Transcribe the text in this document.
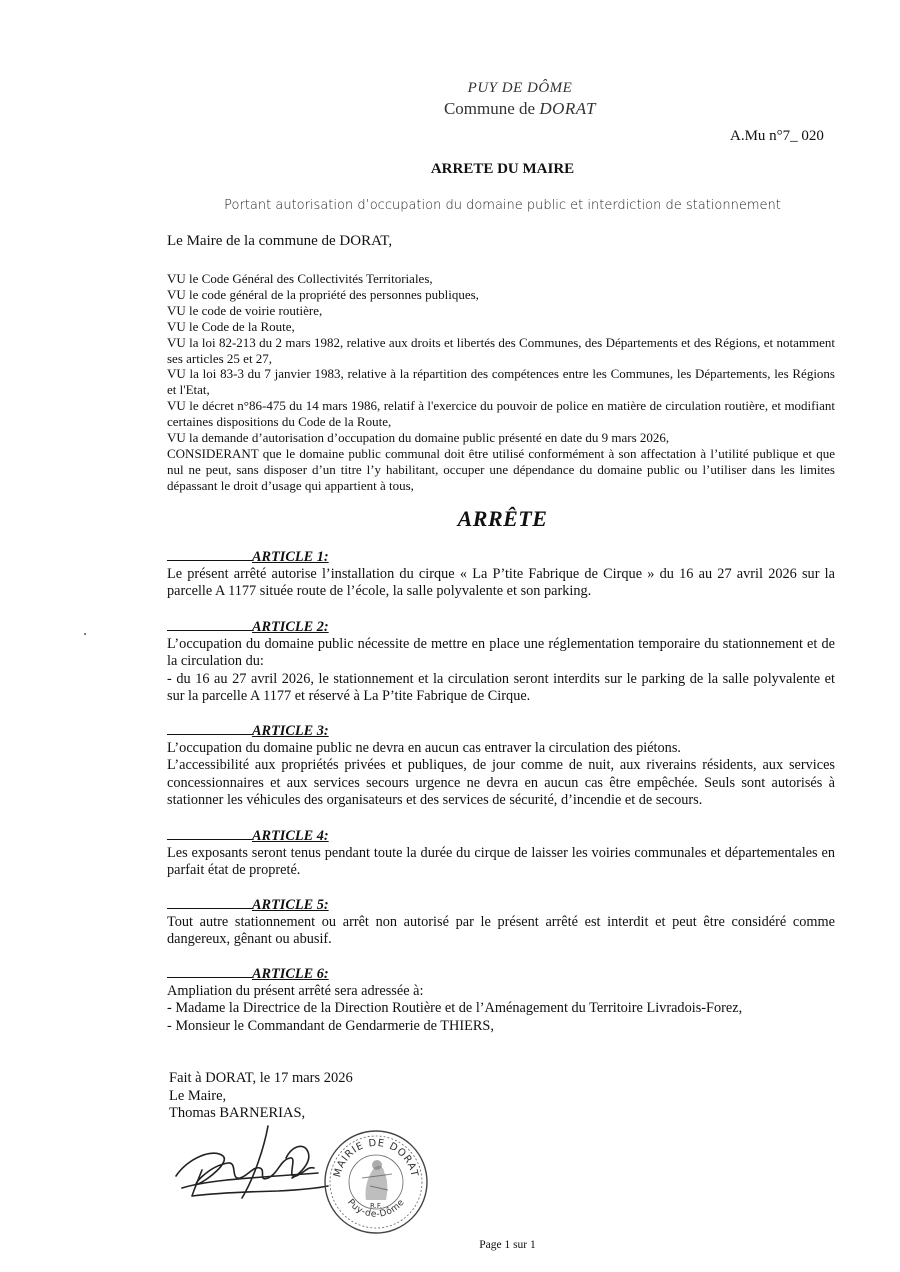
PUY DE DÔME
Commune de DORAT
A.Mu n°7_ 020
ARRETE DU MAIRE
Portant autorisation d’occupation du domaine public et interdiction de stationnement
Le Maire de la commune de DORAT,

VU le Code Général des Collectivités Territoriales,

VU le code général de la propriété des personnes publiques,

VU le code de voirie routière,

VU le Code de la Route,

VU la loi 82-213 du 2 mars 1982, relative aux droits et libertés des Communes, des Départements et des Régions, et notamment ses articles 25 et 27,

VU la loi 83-3 du 7 janvier 1983, relative à la répartition des compétences entre les Communes, les Départements, les Régions et l'Etat,

VU le décret n°86-475 du 14 mars 1986, relatif à l'exercice du pouvoir de police en matière de circulation routière, et modifiant certaines dispositions du Code de la Route,

VU la demande d’autorisation d’occupation du domaine public présenté en date du 9 mars 2026,

CONSIDERANT que le domaine public communal doit être utilisé conformément à son affectation à l’utilité publique et que nul ne peut, sans disposer d’un titre l’y habilitant, occuper une dépendance du domaine public ou l’utiliser dans les limites dépassant le droit d’usage qui appartient à tous,

ARRÊTE
ARTICLE 1:

Le présent arrêté autorise l’installation du cirque « La P’tite Fabrique de Cirque » du 16 au 27 avril 2026 sur la parcelle A 1177 située route de l’école, la salle polyvalente et son parking.

ARTICLE 2:

L’occupation du domaine public nécessite de mettre en place une réglementation temporaire du stationnement et de la circulation du:

- du 16 au 27 avril 2026, le stationnement et la circulation seront interdits sur le parking de la salle polyvalente et sur la parcelle A 1177 et réservé à La P’tite Fabrique de Cirque.

ARTICLE 3:

L’occupation du domaine public ne devra en aucun cas entraver la circulation des piétons.

L’accessibilité aux propriétés privées et publiques, de jour comme de nuit, aux riverains résidents, aux services concessionnaires et aux services secours urgence ne devra en aucun cas être empêchée. Seuls sont autorisés à stationner les véhicules des organisateurs et des services de sécurité, d’incendie et de secours.

ARTICLE 4:

Les exposants seront tenus pendant toute la durée du cirque de laisser les voiries communales et départementales en parfait état de propreté.

ARTICLE 5:

Tout autre stationnement ou arrêt non autorisé par le présent arrêté est interdit et peut être considéré comme dangereux, gênant ou abusif.

ARTICLE 6:

Ampliation du présent arrêté sera adressée à:

- Madame la Directrice de la Direction Routière et de l’Aménagement du Territoire Livradois-Forez,

- Monsieur le Commandant de Gendarmerie de THIERS,

Fait à DORAT, le 17 mars 2026

Le Maire,

Thomas BARNERIAS,

MAIRIE DE DORAT
Puy-de-Dôme
R.F.
Page 1 sur 1
